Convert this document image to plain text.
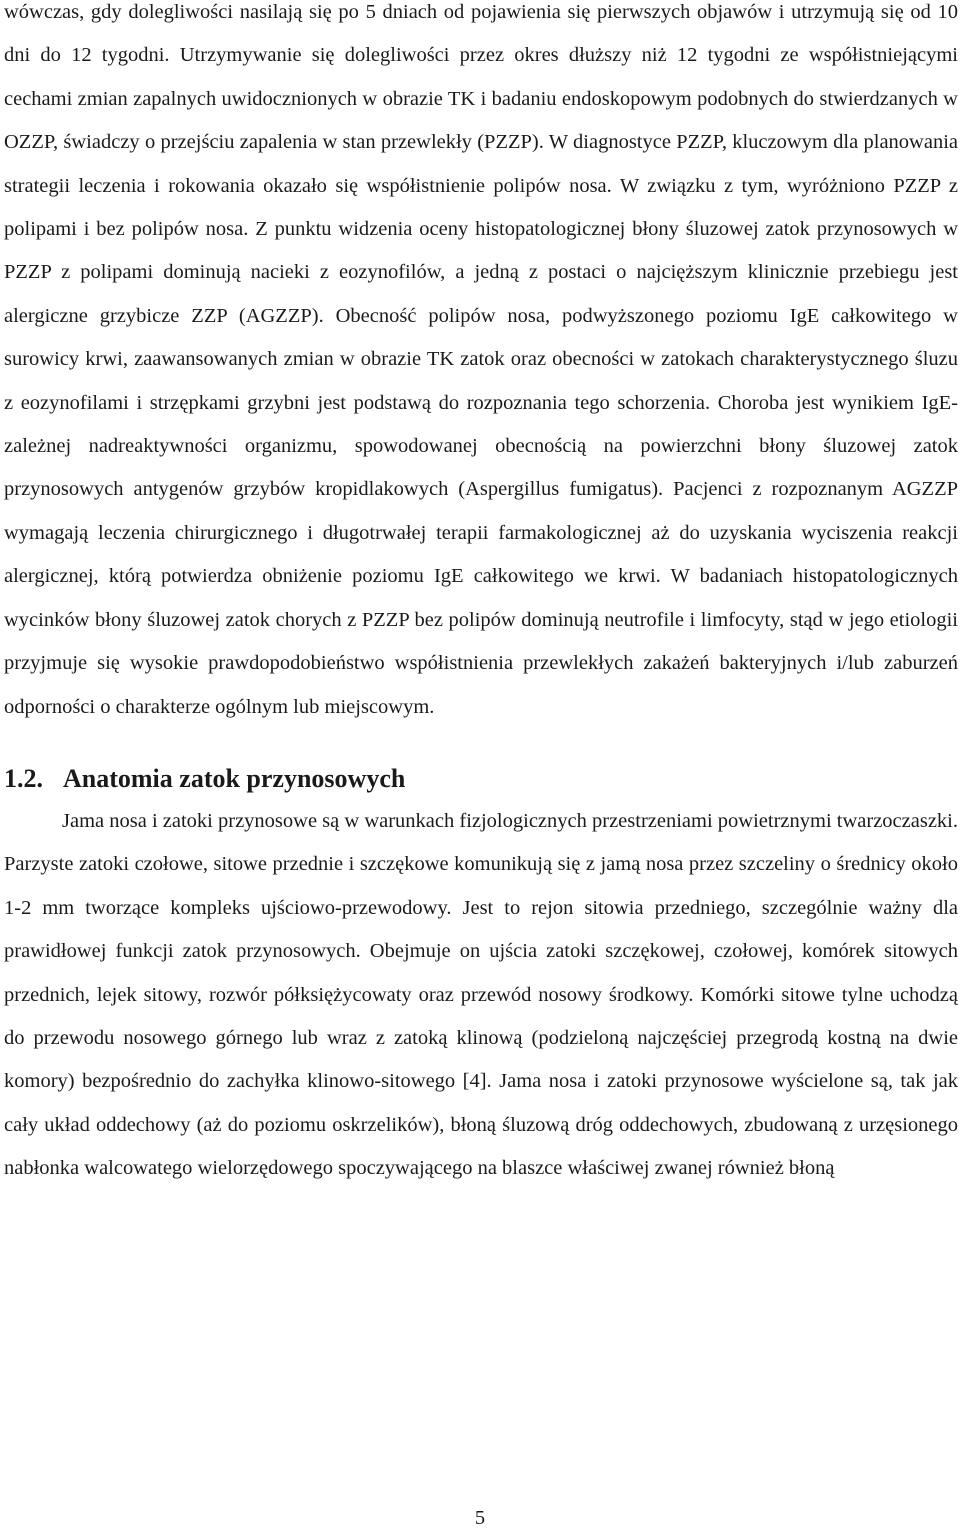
wówczas, gdy dolegliwości nasilają się po 5 dniach od pojawienia się pierwszych objawów i utrzymują się od 10 dni do 12 tygodni. Utrzymywanie się dolegliwości przez okres dłuższy niż 12 tygodni ze współistniejącymi cechami zmian zapalnych uwidocznionych w obrazie TK i badaniu endoskopowym podobnych do stwierdzanych w OZZP, świadczy o przejściu zapalenia w stan przewlekły (PZZP). W diagnostyce PZZP, kluczowym dla planowania strategii leczenia i rokowania okazało się współistnienie polipów nosa. W związku z tym, wyróżniono PZZP z polipami i bez polipów nosa. Z punktu widzenia oceny histopatologicznej błony śluzowej zatok przynosowych w PZZP z polipami dominują nacieki z eozynofilów, a jedną z postaci o najcięższym klinicznie przebiegu jest alergiczne grzybicze ZZP (AGZZP). Obecność polipów nosa, podwyższonego poziomu IgE całkowitego w surowicy krwi, zaawansowanych zmian w obrazie TK zatok oraz obecności w zatokach charakterystycznego śluzu z eozynofilami i strzępkami grzybni jest podstawą do rozpoznania tego schorzenia. Choroba jest wynikiem IgE-zależnej nadreaktywności organizmu, spowodowanej obecnością na powierzchni błony śluzowej zatok przynosowych antygenów grzybów kropidlakowych (Aspergillus fumigatus). Pacjenci z rozpoznanym AGZZP wymagają leczenia chirurgicznego i długotrwałej terapii farmakologicznej aż do uzyskania wyciszenia reakcji alergicznej, którą potwierdza obniżenie poziomu IgE całkowitego we krwi. W badaniach histopatologicznych wycinków błony śluzowej zatok chorych z PZZP bez polipów dominują neutrofile i limfocyty, stąd w jego etiologii przyjmuje się wysokie prawdopodobieństwo współistnienia przewlekłych zakażeń bakteryjnych i/lub zaburzeń odporności o charakterze ogólnym lub miejscowym.

1.2. Anatomia zatok przynosowych

Jama nosa i zatoki przynosowe są w warunkach fizjologicznych przestrzeniami powietrznymi twarzoczaszki. Parzyste zatoki czołowe, sitowe przednie i szczękowe komunikują się z jamą nosa przez szczeliny o średnicy około 1-2 mm tworzące kompleks ujściowo-przewodowy. Jest to rejon sitowia przedniego, szczególnie ważny dla prawidłowej funkcji zatok przynosowych. Obejmuje on ujścia zatoki szczękowej, czołowej, komórek sitowych przednich, lejek sitowy, rozwór półksiężycowaty oraz przewód nosowy środkowy. Komórki sitowe tylne uchodzą do przewodu nosowego górnego lub wraz z zatoką klinową (podzieloną najczęściej przegrodą kostną na dwie komory) bezpośrednio do zachyłka klinowo-sitowego [4]. Jama nosa i zatoki przynosowe wyścielone są, tak jak cały układ oddechowy (aż do poziomu oskrzelików), błoną śluzową dróg oddechowych, zbudowaną z urzęsionego nabłonka walcowatego wielorzędowego spoczywającego na blaszce właściwej zwanej również błoną

5
